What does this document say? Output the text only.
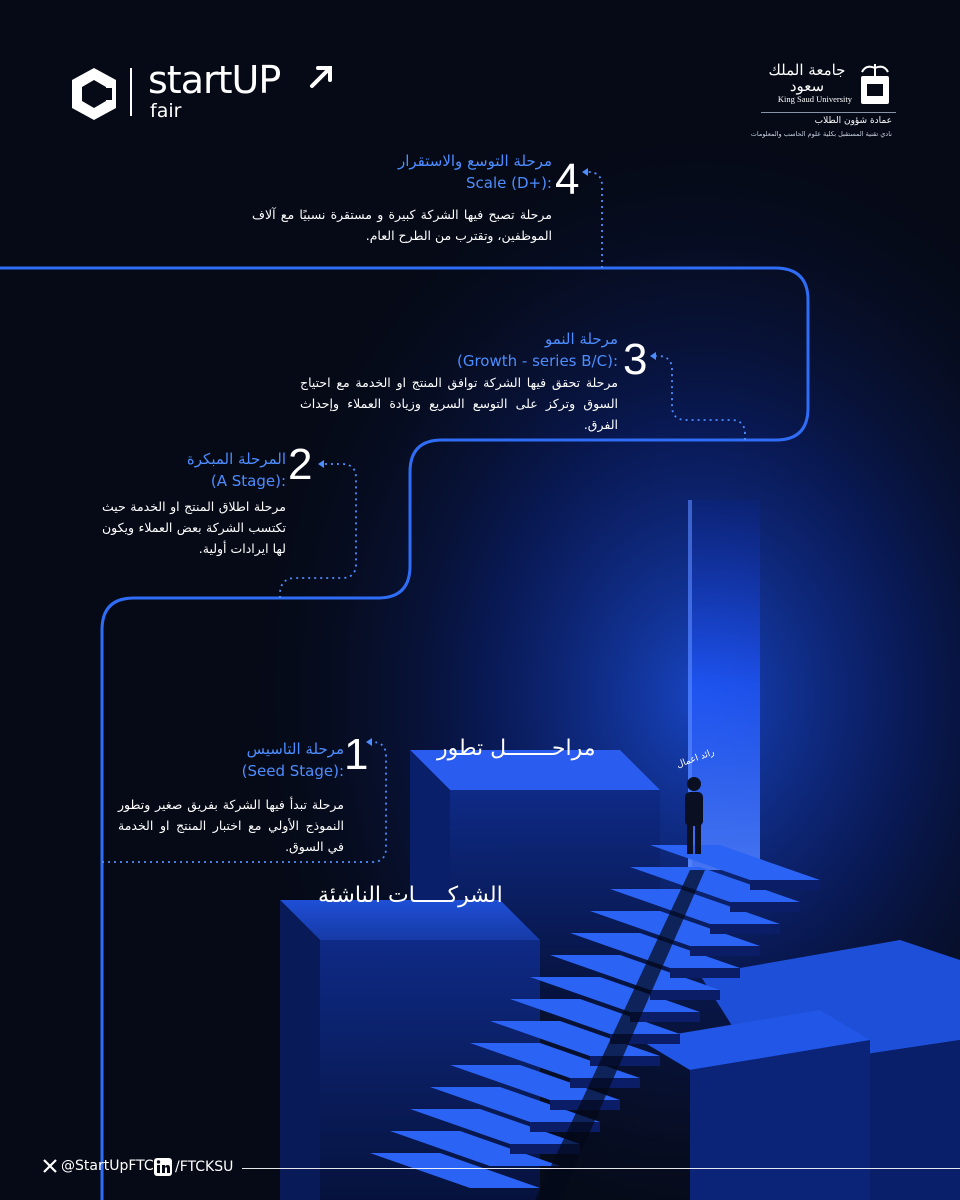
startUP
fair
جامعة الملك سعود
King Saud University
عمادة شؤون الطلاب
نادي تقنية المستقبل بكلية علوم الحاسب والمعلومات
مرحلة التوسع والاستقرار
Scale (D+):
مرحلة تصبح فيها الشركة كبيرة و مستقرة نسبيًا مع آلاف الموظفين، وتقترب من الطرح العام.
4
مرحلة النمو
(Growth - series B/C):
مرحلة تحقق فيها الشركة توافق المنتج او الخدمة مع احتياج السوق وتركز على التوسع السريع وزيادة العملاء وإحداث الفرق.
3
المرحلة المبكرة
(A Stage):
مرحلة اطلاق المنتج او الخدمة حيث تكتسب الشركة بعض العملاء ويكون لها ايرادات أولية.
2
مرحلة التاسيس
(Seed Stage):
مرحلة تبدأ فيها الشركة بفريق صغير وتطور النموذج الأولي مع اختبار المنتج او الخدمة في السوق.
1	مراحـــــــل تطور
الشركـــــات الناشئة
رائد اعمال
@StartUpFTC /FTCKSU
